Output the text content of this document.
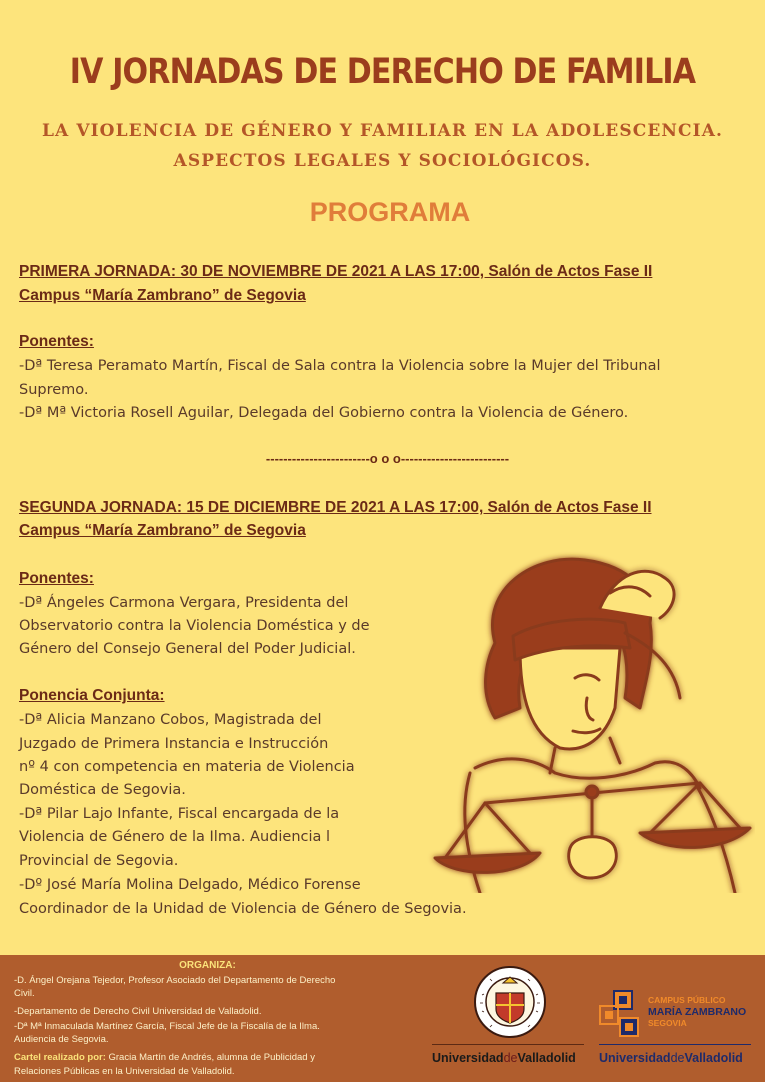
IV JORNADAS DE DERECHO DE FAMILIA
LA VIOLENCIA DE GÉNERO Y FAMILIAR EN LA ADOLESCENCIA.
ASPECTOS LEGALES Y SOCIOLÓGICOS.
PROGRAMA
PRIMERA JORNADA: 30 DE NOVIEMBRE DE 2021 A LAS 17:00, Salón de Actos Fase II
Campus “María Zambrano” de Segovia
Ponentes:
-Dª Teresa Peramato Martín, Fiscal de Sala contra la Violencia sobre la Mujer del Tribunal
Supremo.
-Dª Mª Victoria Rosell Aguilar, Delegada del Gobierno contra la Violencia de Género.
------------------------o o o-------------------------
SEGUNDA JORNADA: 15 DE DICIEMBRE DE 2021 A LAS 17:00, Salón de Actos Fase II
Campus “María Zambrano” de Segovia
Ponentes:
-Dª Ángeles Carmona Vergara, Presidenta del
Observatorio contra la Violencia Doméstica y de
Género del Consejo General del Poder Judicial.
Ponencia Conjunta:
-Dª Alicia Manzano Cobos, Magistrada del
Juzgado de Primera Instancia e Instrucción
nº 4 con competencia en materia de Violencia
Doméstica de Segovia.
-Dª Pilar Lajo Infante, Fiscal encargada de la
Violencia de Género de la Ilma. Audiencia l
Provincial de Segovia.
-Dº José María Molina Delgado, Médico Forense
Coordinador de la Unidad de Violencia de Género de Segovia.
ORGANIZA:
-D. Ángel Orejana Tejedor, Profesor Asociado del Departamento de Derecho
Civil.
-Departamento de Derecho Civil Universidad de Valladolid.
-Dª Mª Inmaculada Martínez García, Fiscal Jefe de la Fiscalía de la Ilma.
Audiencia de Segovia.
Cartel realizado por: Gracia Martín de Andrés, alumna de Publicidad y
Relaciones Públicas en la Universidad de Valladolid.
UniversidaddeValladolid
CAMPUS PÚBLICO
MARÍA ZAMBRANO
SEGOVIA
UniversidaddeValladolid
